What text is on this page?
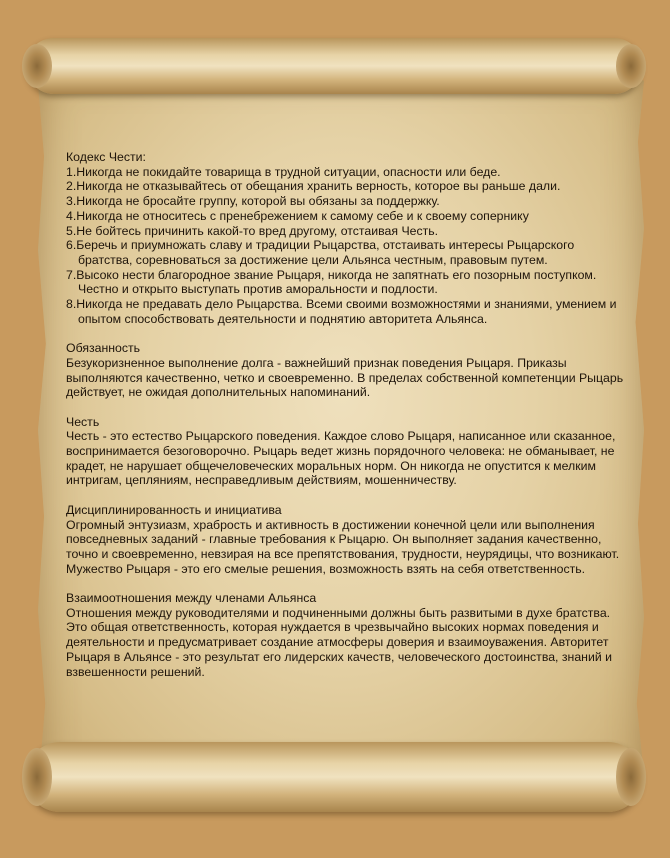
Кодекс Чести:

1 . Никогда не покидайте товарища в трудной ситуации, опасности или беде.
2 . Никогда не отказывайтесь от обещания хранить верность, которое вы раньше дали.
3 . Никогда не бросайте группу, которой вы обязаны за поддержку.
4 . Никогда не относитесь с пренебрежением к самому себе и к своему сопернику
5 . Не бойтесь причинить какой-то вред другому, отстаивая Честь.
6 . Беречь и приумножать славу и традиции Рыцарства, отстаивать интересы Рыцарского братства, соревноваться за достижение цели Альянса честным, правовым путем.
7 . Высоко нести благородное звание Рыцаря, никогда не запятнать его позорным поступком. Честно и открыто выступать против аморальности и подлости.
8 . Никогда не предавать дело Рыцарства. Всеми своими возможностями и знаниями, умением и опытом способствовать деятельности и поднятию авторитета Альянса.

Обязанность

Безукоризненное выполнение долга - важнейший признак поведения Рыцаря. Приказы выполняются качественно, четко и своевременно. В пределах собственной компетенции Рыцарь действует, не ожидая дополнительных напоминаний.

Честь

Честь - это естество Рыцарского поведения. Каждое слово Рыцаря, написанное или сказанное, воспринимается безоговорочно. Рыцарь ведет жизнь порядочного человека: не обманывает, не крадет, не нарушает общечеловеческих моральных норм. Он никогда не опустится к мелким интригам, цепляниям, несправедливым действиям, мошенничеству.

Дисциплинированность и инициатива

Огромный энтузиазм, храбрость и активность в достижении конечной цели или выполнения повседневных заданий - главные требования к Рыцарю. Он выполняет задания качественно, точно и своевременно, невзирая на все препятствования, трудности, неурядицы, что возникают. Мужество Рыцаря - это его смелые решения, возможность взять на себя ответственность.

Взаимоотношения между членами Альянса

Отношения между руководителями и подчиненными должны быть развитыми в духе братства. Это общая ответственность, которая нуждается в чрезвычайно высоких нормах поведения и деятельности и предусматривает создание атмосферы доверия и взаимоуважения. Авторитет Рыцаря в Альянсе - это результат его лидерских качеств, человеческого достоинства, знаний и взвешенности решений.
